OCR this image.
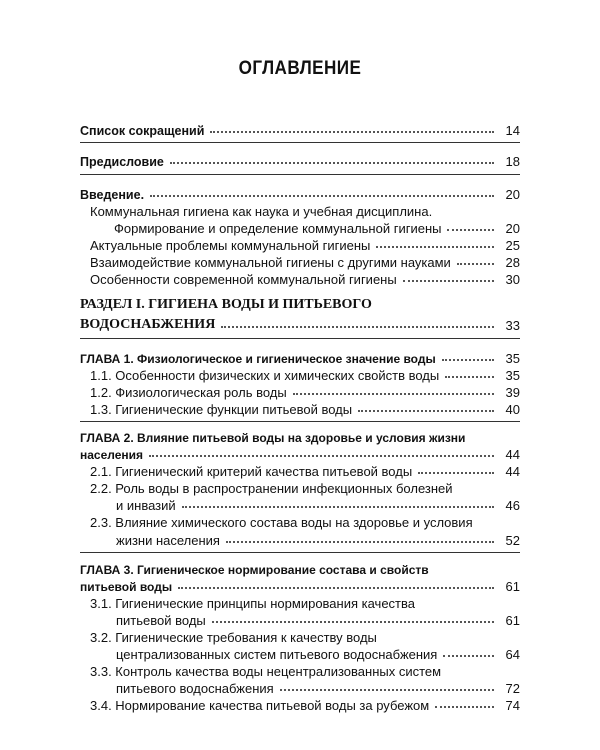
ОГЛАВЛЕНИЕ
Список сокращений	14
Предисловие	18
Введение.	20
Коммунальная гигиена как наука и учебная дисциплина.
Формирование и определение коммунальной гигиены	20
Актуальные проблемы коммунальной гигиены	25
Взаимодействие коммунальной гигиены с другими науками	28
Особенности современной коммунальной гигиены	30
РАЗДЕЛ I. ГИГИЕНА ВОДЫ И ПИТЬЕВОГО
ВОДОСНАБЖЕНИЯ	33
ГЛАВА 1. Физиологическое и гигиеническое значение воды	35
1.1. Особенности физических и химических свойств воды	35
1.2. Физиологическая роль воды	39
1.3. Гигиенические функции питьевой воды	40
ГЛАВА 2. Влияние питьевой воды на здоровье и условия жизни
населения	44
2.1. Гигиенический критерий качества питьевой воды	44
2.2. Роль воды в распространении инфекционных болезней
и инвазий	46
2.3. Влияние химического состава воды на здоровье и условия
жизни населения	52
ГЛАВА 3. Гигиеническое нормирование состава и свойств
питьевой воды	61
3.1. Гигиенические принципы нормирования качества
питьевой воды	61
3.2. Гигиенические требования к качеству воды
централизованных систем питьевого водоснабжения	64
3.3. Контроль качества воды нецентрализованных систем
питьевого водоснабжения	72
3.4. Нормирование качества питьевой воды за рубежом	74
